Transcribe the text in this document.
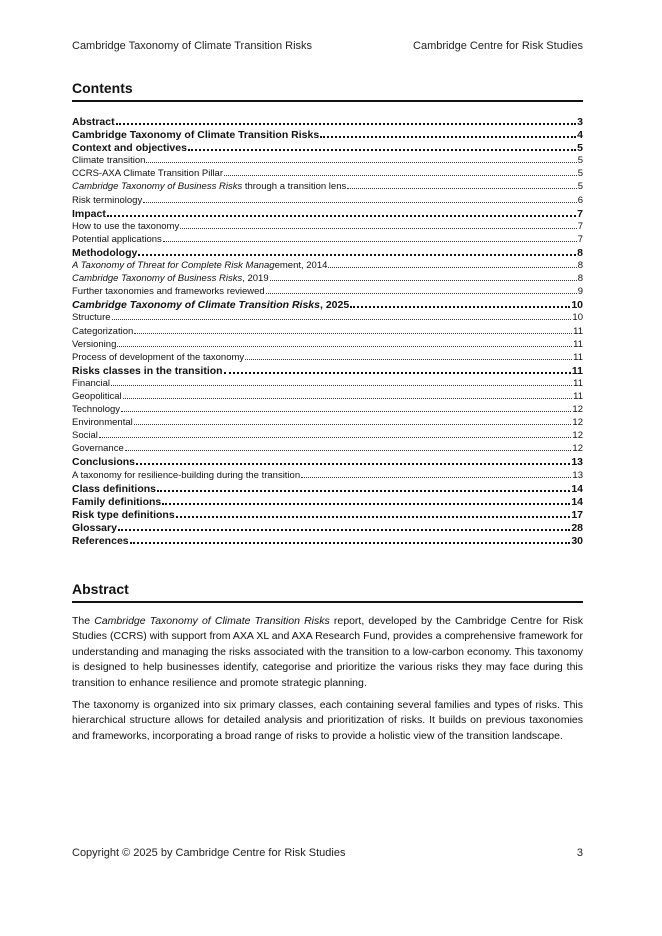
Cambridge Taxonomy of Climate Transition Risks	Cambridge Centre for Risk Studies
Contents
Abstract	3
Cambridge Taxonomy of Climate Transition Risks	4
Context and objectives	5
Climate transition	5
CCRS-AXA Climate Transition Pillar	5
Cambridge Taxonomy of Business Risks through a transition lens	5
Risk terminology	6
Impact	7
How to use the taxonomy	7
Potential applications	7
Methodology	8
A Taxonomy of Threat for Complete Risk Management, 2014	8
Cambridge Taxonomy of Business Risks, 2019	8
Further taxonomies and frameworks reviewed	9
Cambridge Taxonomy of Climate Transition Risks, 2025	10
Structure	10
Categorization	11
Versioning	11
Process of development of the taxonomy	11
Risks classes in the transition	11
Financial	11
Geopolitical	11
Technology	12
Environmental	12
Social	12
Governance	12
Conclusions	13
A taxonomy for resilience-building during the transition	13
Class definitions	14
Family definitions	14
Risk type definitions	17
Glossary	28
References	30
Abstract

The Cambridge Taxonomy of Climate Transition Risks report, developed by the Cambridge Centre for Risk Studies (CCRS) with support from AXA XL and AXA Research Fund, provides a comprehensive framework for understanding and managing the risks associated with the transition to a low-carbon economy. This taxonomy is designed to help businesses identify, categorise and prioritize the various risks they may face during this transition to enhance resilience and promote strategic planning.

The taxonomy is organized into six primary classes, each containing several families and types of risks. This hierarchical structure allows for detailed analysis and prioritization of risks. It builds on previous taxonomies and frameworks, incorporating a broad range of risks to provide a holistic view of the transition landscape.

Copyright © 2025 by Cambridge Centre for Risk Studies	3
